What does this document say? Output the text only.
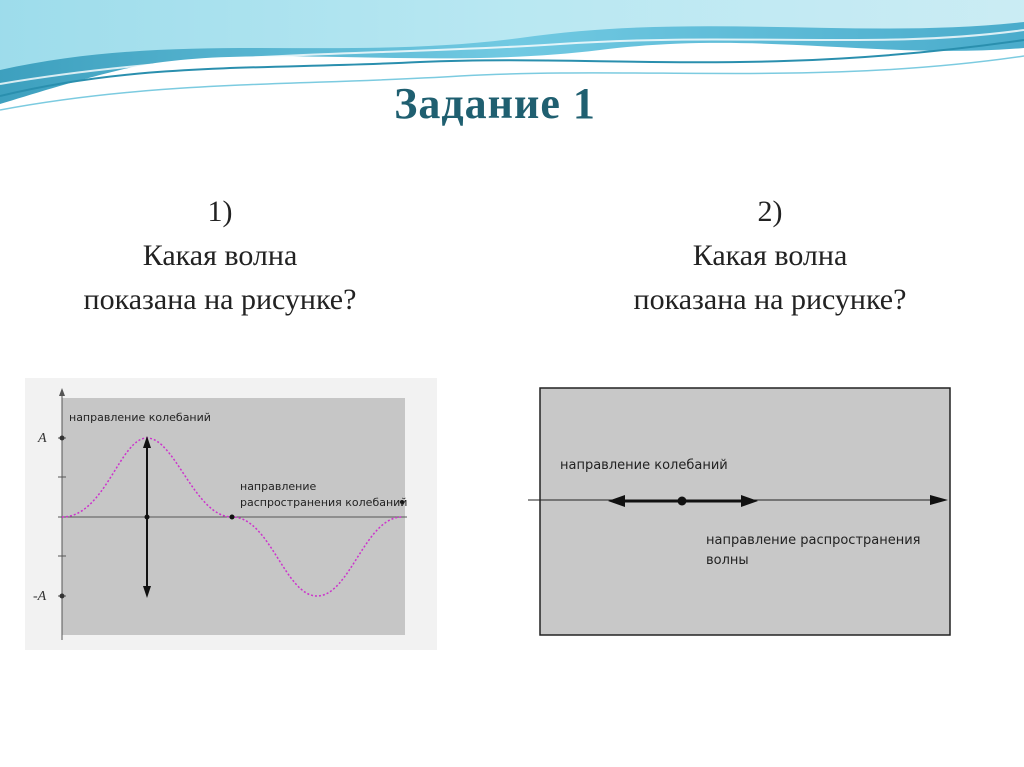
Задание 1
1)
Какая волна
показана на рисунке?
2)
Какая волна
показана на рисунке?
A
-A
направление колебаний
направление
распространения колебаний
направление колебаний
направление распространения
волны
